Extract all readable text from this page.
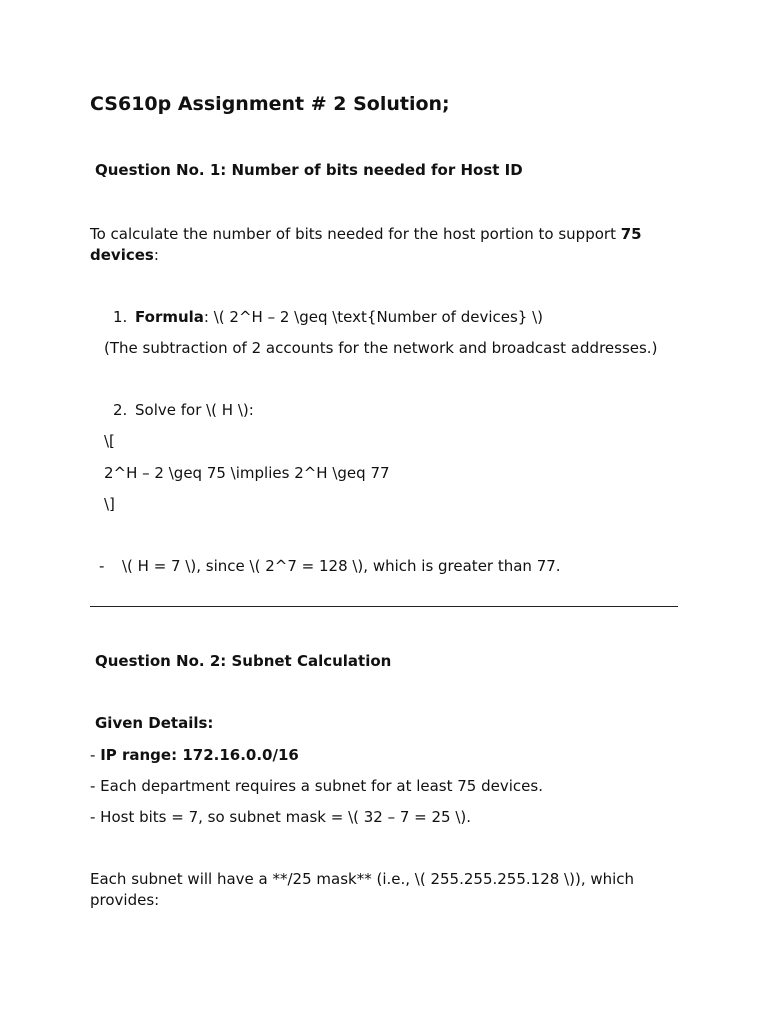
CS610p Assignment # 2 Solution;
Question No. 1: Number of bits needed for Host ID
To calculate the number of bits needed for the host portion to support 75 devices:
1. Formula: \( 2^H – 2 \geq \text{Number of devices} \)
(The subtraction of 2 accounts for the network and broadcast addresses.)
2. Solve for \( H \):
\[
2^H – 2 \geq 75 \implies 2^H \geq 77
\]
- \( H = 7 \), since \( 2^7 = 128 \), which is greater than 77.
Question No. 2: Subnet Calculation
Given Details:
- IP range: 172.16.0.0/16
- Each department requires a subnet for at least 75 devices.
- Host bits = 7, so subnet mask = \( 32 – 7 = 25 \).
Each subnet will have a **/25 mask** (i.e., \( 255.255.255.128 \)), which provides:
